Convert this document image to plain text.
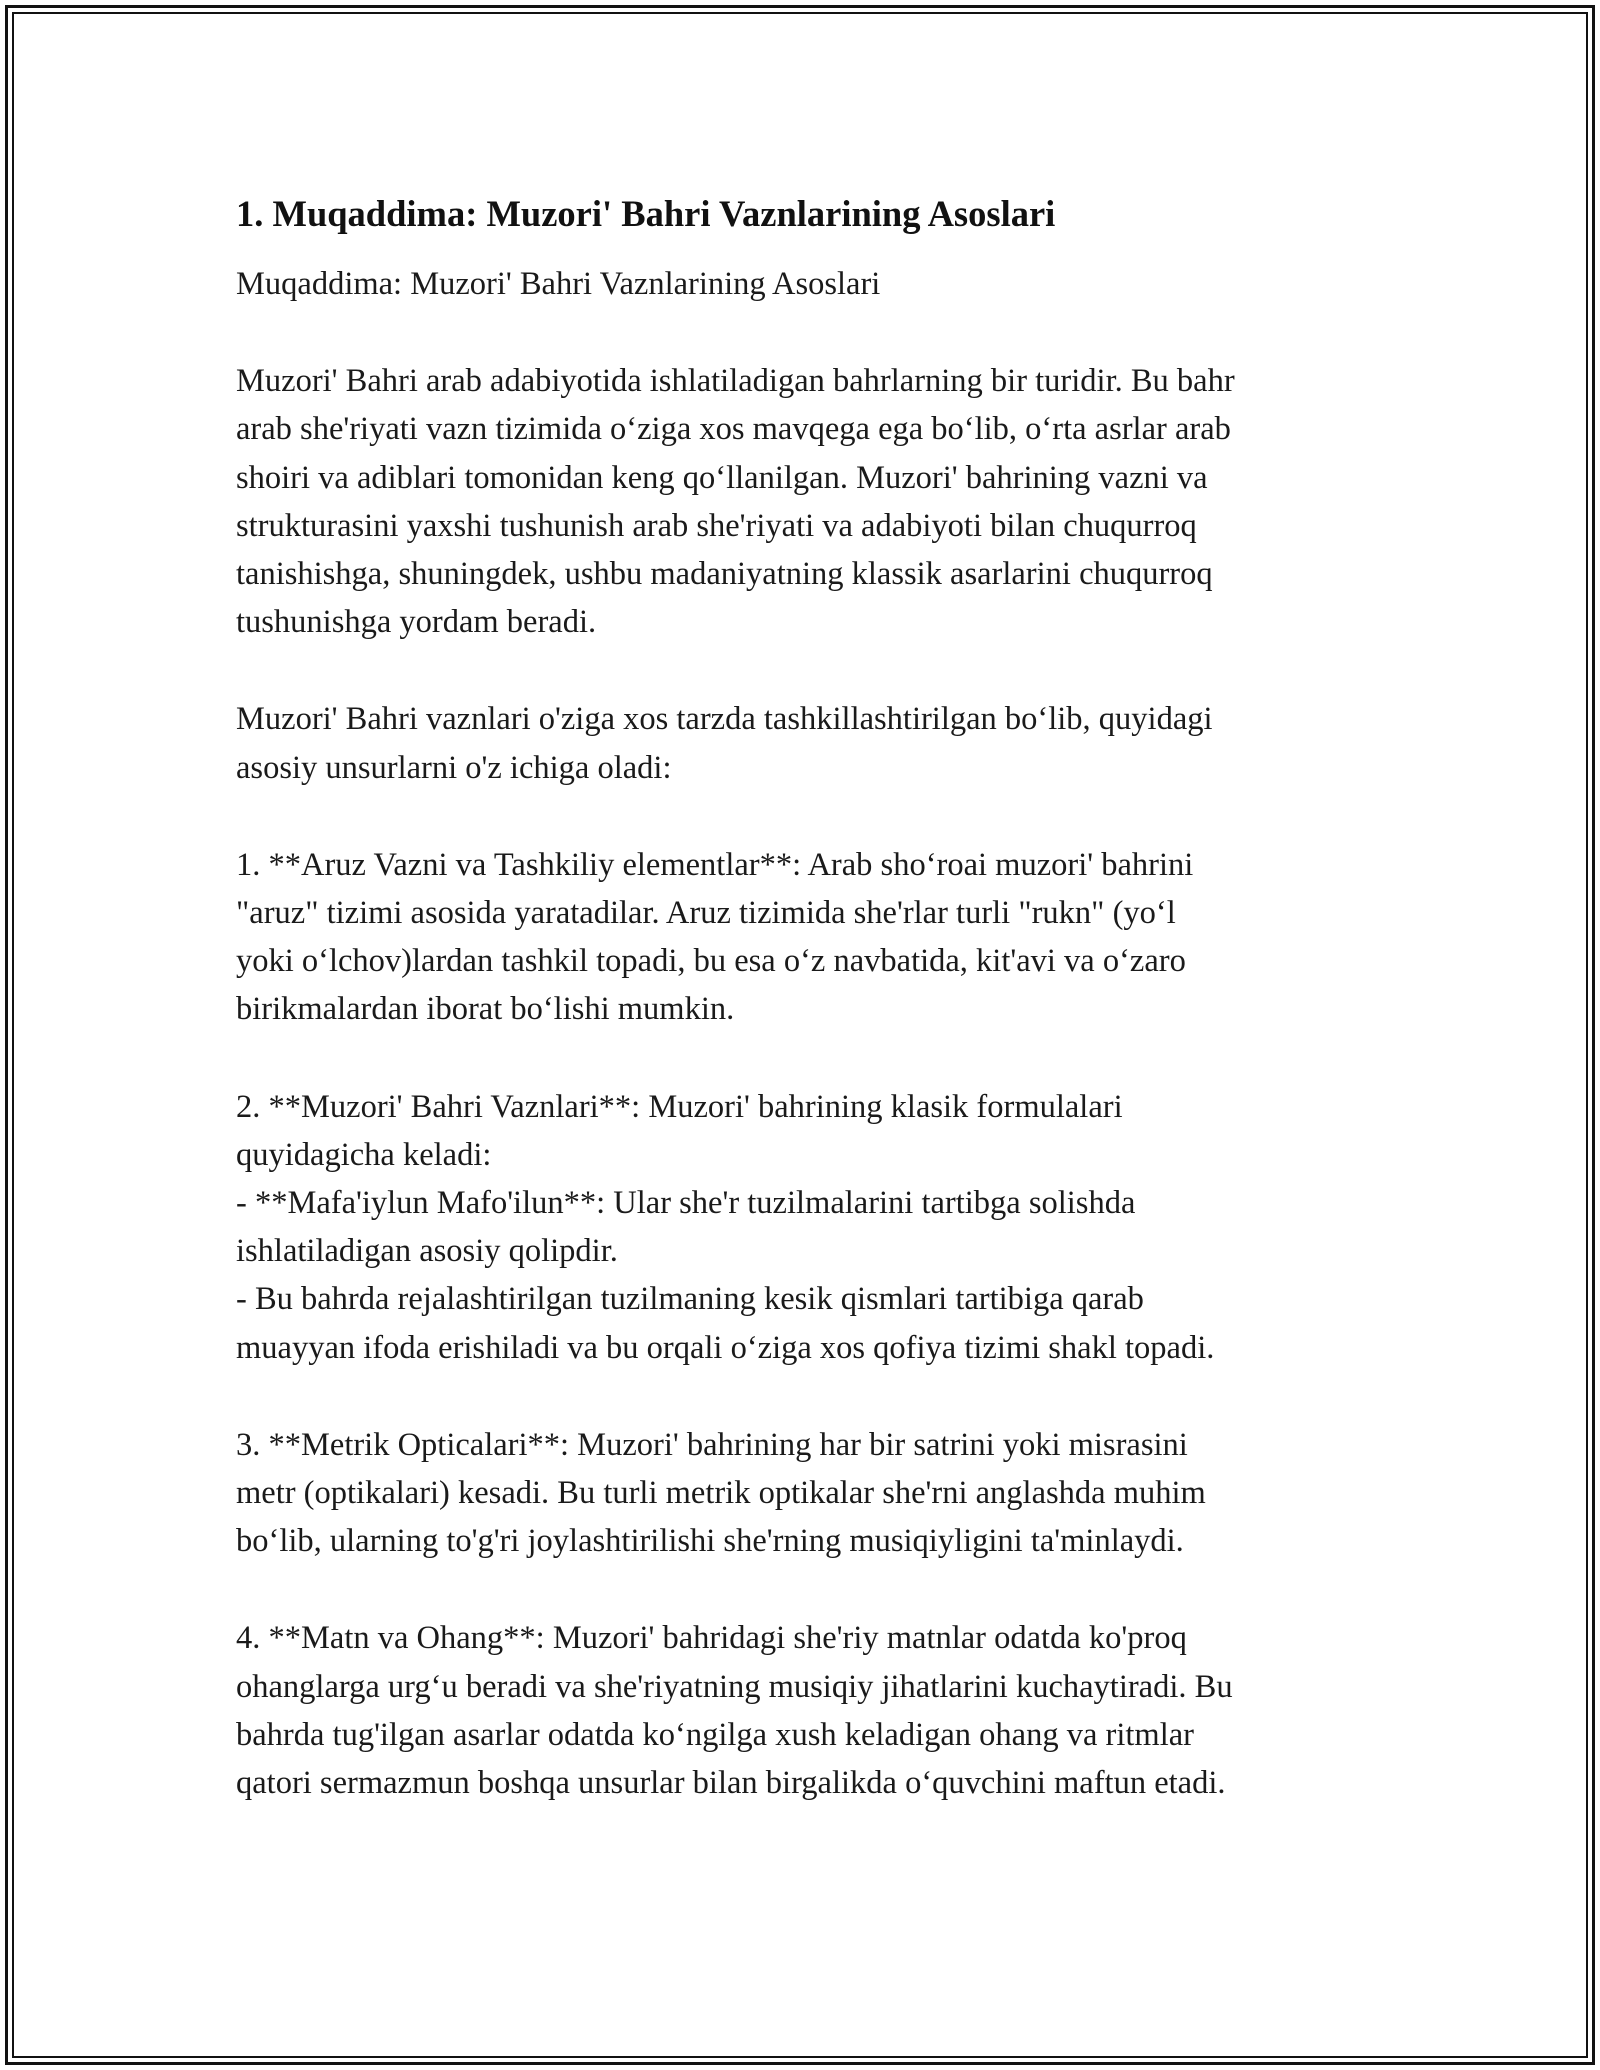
1. Muqaddima: Muzori' Bahri Vaznlarining Asoslari

Muqaddima: Muzori' Bahri Vaznlarining Asoslari

Muzori' Bahri arab adabiyotida ishlatiladigan bahrlarning bir turidir. Bu bahr
arab she'riyati vazn tizimida o‘ziga xos mavqega ega bo‘lib, o‘rta asrlar arab
shoiri va adiblari tomonidan keng qo‘llanilgan. Muzori' bahrining vazni va
strukturasini yaxshi tushunish arab she'riyati va adabiyoti bilan chuqurroq
tanishishga, shuningdek, ushbu madaniyatning klassik asarlarini chuqurroq
tushunishga yordam beradi.

Muzori' Bahri vaznlari o'ziga xos tarzda tashkillashtirilgan bo‘lib, quyidagi
asosiy unsurlarni o'z ichiga oladi:

1. **Aruz Vazni va Tashkiliy elementlar**: Arab sho‘roai muzori' bahrini
"aruz" tizimi asosida yaratadilar. Aruz tizimida she'rlar turli "rukn" (yo‘l
yoki o‘lchov)lardan tashkil topadi, bu esa o‘z navbatida, kit'avi va o‘zaro
birikmalardan iborat bo‘lishi mumkin.

2. **Muzori' Bahri Vaznlari**: Muzori' bahrining klasik formulalari
quyidagicha keladi:
- **Mafa'iylun Mafo'ilun**: Ular she'r tuzilmalarini tartibga solishda
ishlatiladigan asosiy qolipdir.
- Bu bahrda rejalashtirilgan tuzilmaning kesik qismlari tartibiga qarab
muayyan ifoda erishiladi va bu orqali o‘ziga xos qofiya tizimi shakl topadi.

3. **Metrik Opticalari**: Muzori' bahrining har bir satrini yoki misrasini
metr (optikalari) kesadi. Bu turli metrik optikalar she'rni anglashda muhim
bo‘lib, ularning to'g'ri joylashtirilishi she'rning musiqiyligini ta'minlaydi.

4. **Matn va Ohang**: Muzori' bahridagi she'riy matnlar odatda ko'proq
ohanglarga urg‘u beradi va she'riyatning musiqiy jihatlarini kuchaytiradi. Bu
bahrda tug'ilgan asarlar odatda ko‘ngilga xush keladigan ohang va ritmlar
qatori sermazmun boshqa unsurlar bilan birgalikda o‘quvchini maftun etadi.
